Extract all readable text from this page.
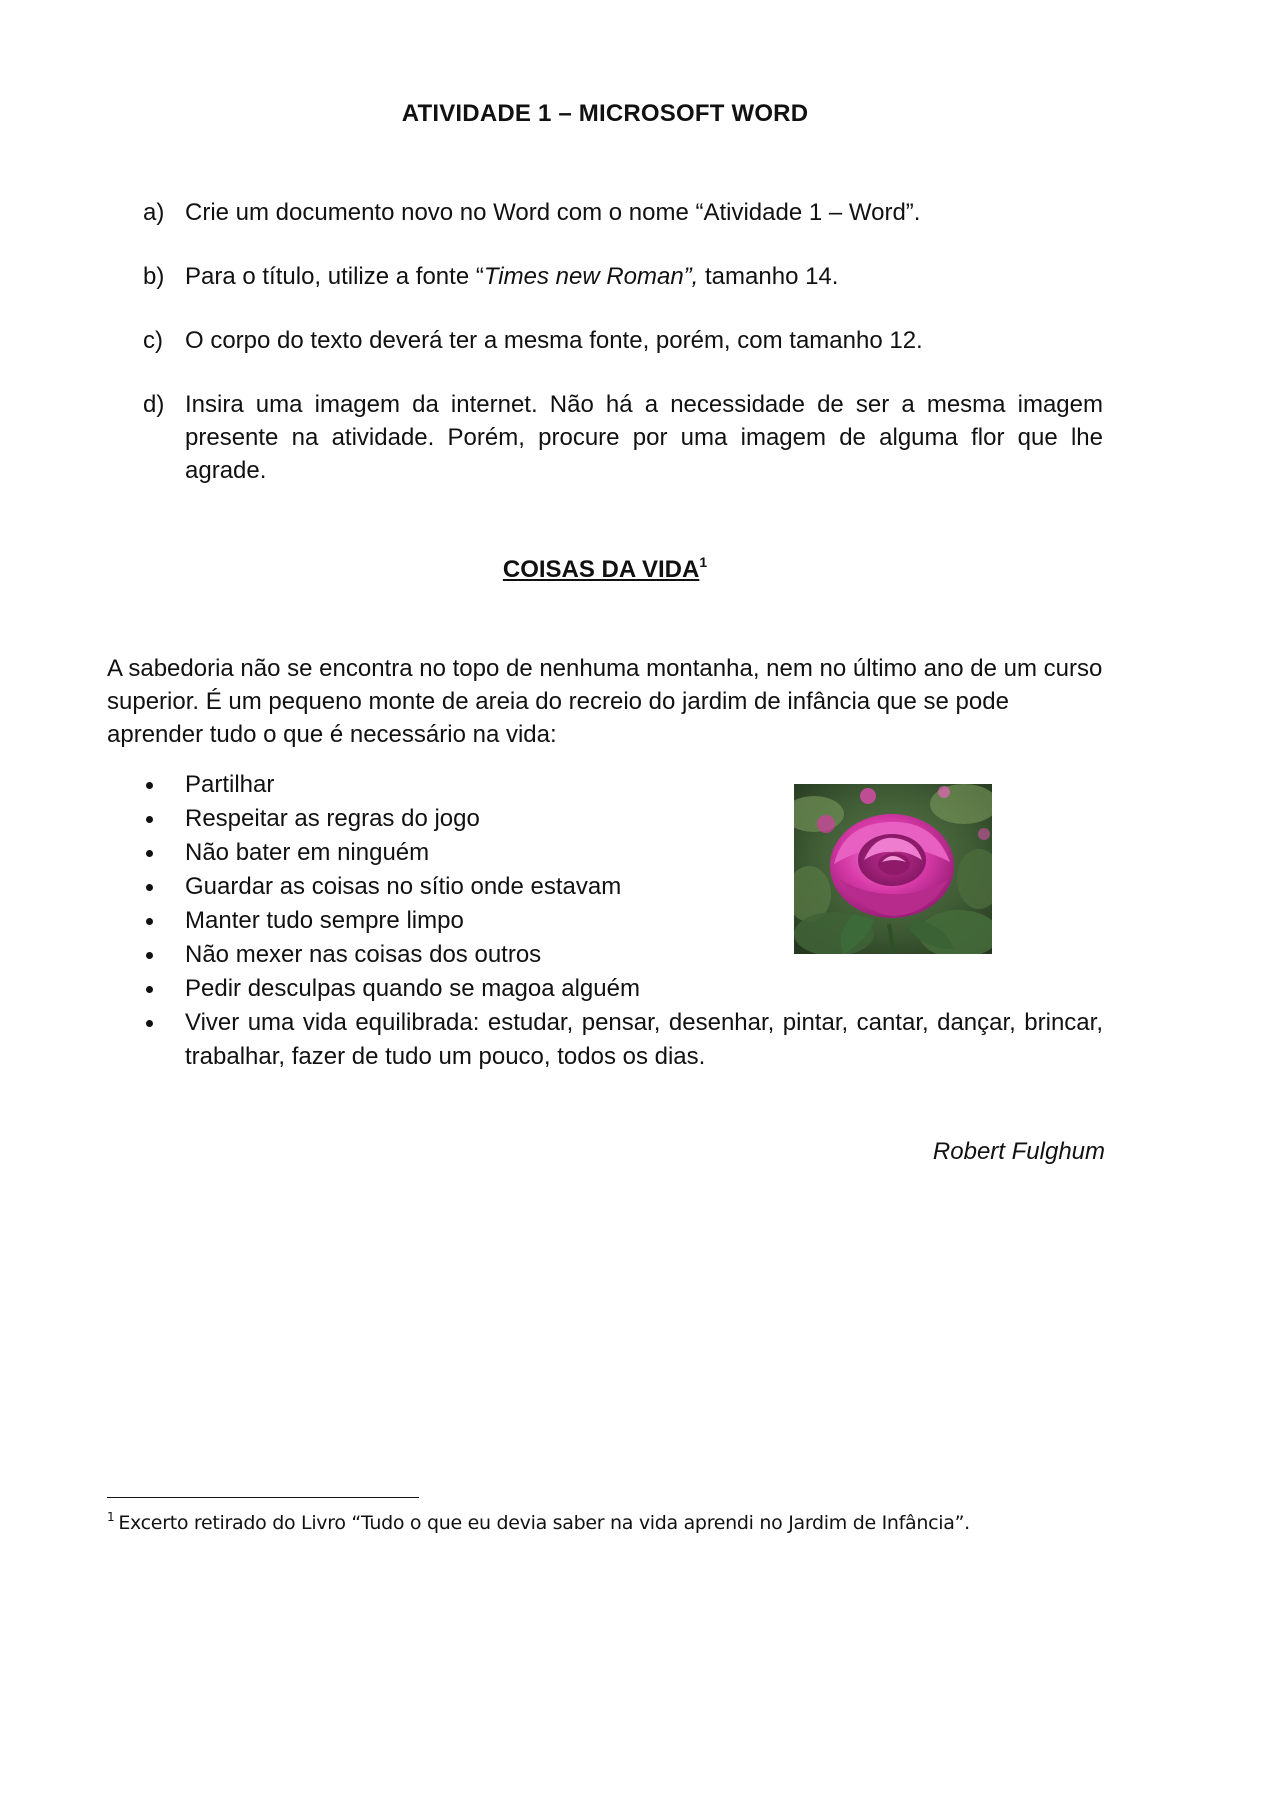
ATIVIDADE 1 – MICROSOFT WORD
a) Crie um documento novo no Word com o nome “Atividade 1 – Word”.
b) Para o título, utilize a fonte “Times new Roman”, tamanho 14.
c) O corpo do texto deverá ter a mesma fonte, porém, com tamanho 12.
d) Insira uma imagem da internet. Não há a necessidade de ser a mesma imagem presente na atividade. Porém, procure por uma imagem de alguma flor que lhe agrade.
COISAS DA VIDA$^1$

A sabedoria não se encontra no topo de nenhuma montanha, nem no último ano de um curso superior. É um pequeno monte de areia do recreio do jardim de infância que se pode aprender tudo o que é necessário na vida:

Partilhar
Respeitar as regras do jogo
Não bater em ninguém
Guardar as coisas no sítio onde estavam
Manter tudo sempre limpo
Não mexer nas coisas dos outros
Pedir desculpas quando se magoa alguém
Viver uma vida equilibrada: estudar, pensar, desenhar, pintar, cantar, dançar, brincar, trabalhar, fazer de tudo um pouco, todos os dias.
Robert Fulghum
$^1$ Excerto retirado do Livro “Tudo o que eu devia saber na vida aprendi no Jardim de Infância”.
